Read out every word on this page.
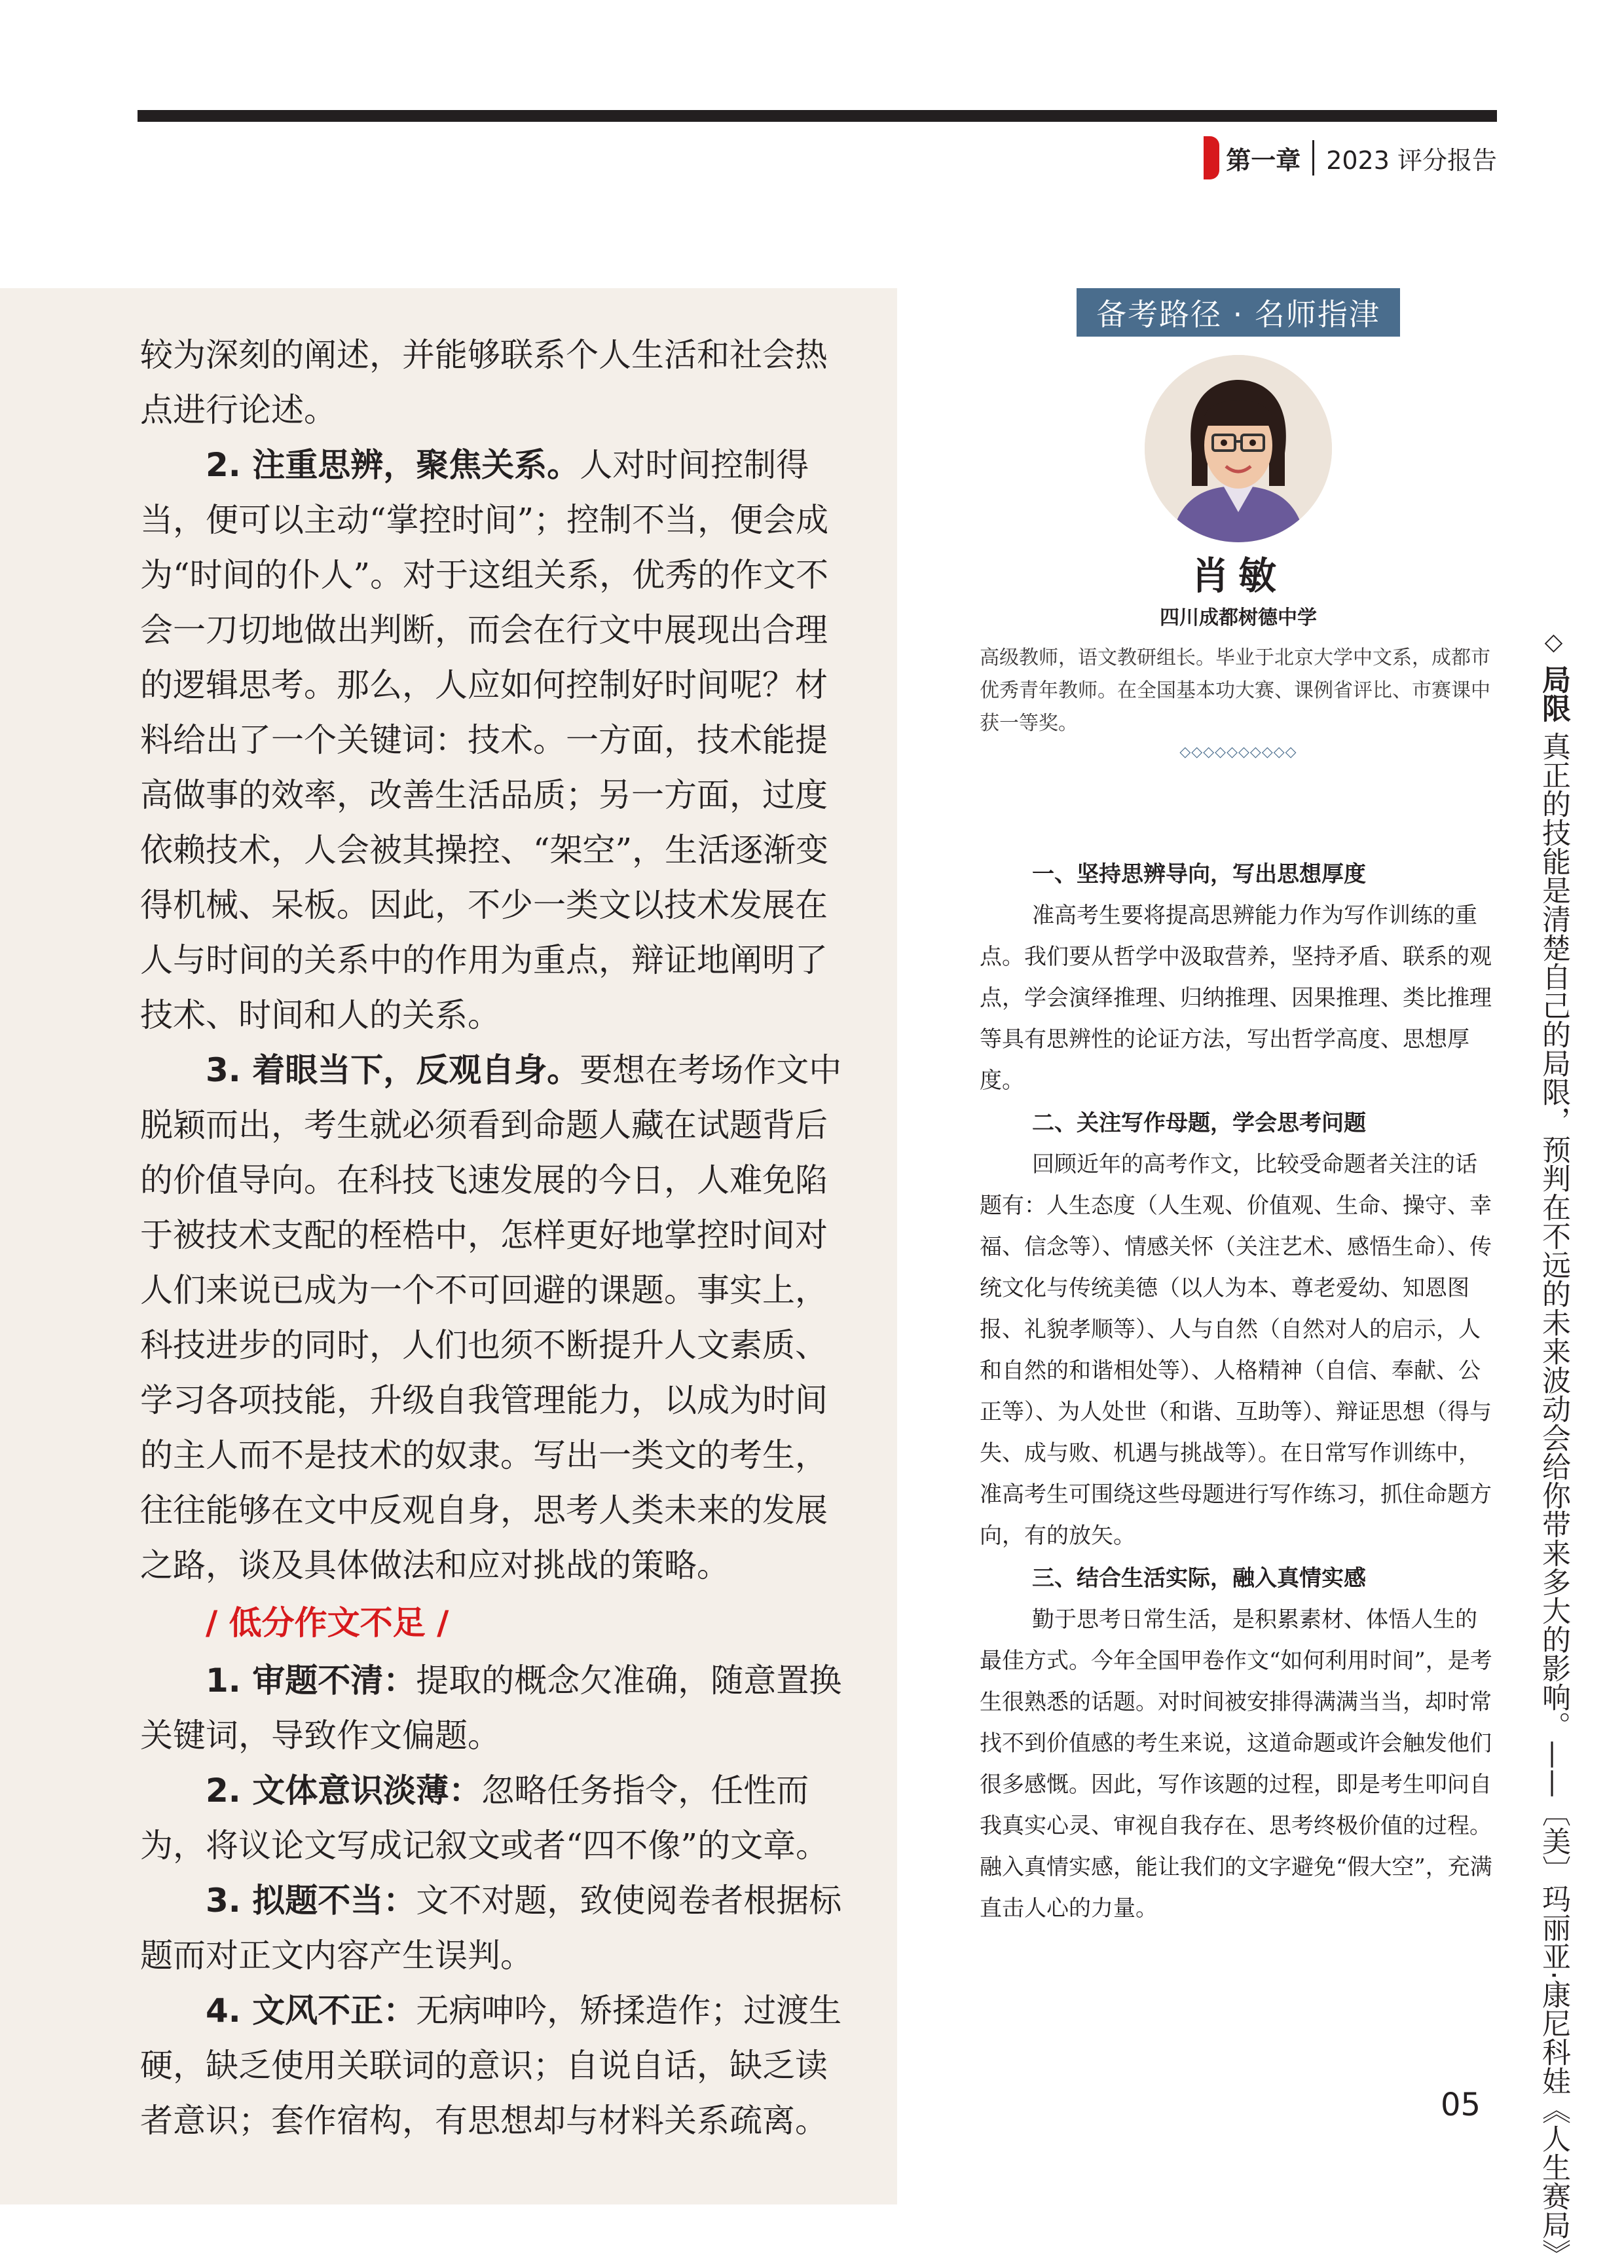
第一章 2023 评分报告

较为深刻的阐述，并能够联系个人生活和社会热点进行论述。

2. 注重思辨，聚焦关系。人对时间控制得当，便可以主动“掌控时间”；控制不当，便会成为“时间的仆人”。对于这组关系，优秀的作文不会一刀切地做出判断，而会在行文中展现出合理的逻辑思考。那么，人应如何控制好时间呢？材料给出了一个关键词：技术。一方面，技术能提高做事的效率，改善生活品质；另一方面，过度依赖技术，人会被其操控、“架空”，生活逐渐变得机械、呆板。因此，不少一类文以技术发展在人与时间的关系中的作用为重点，辩证地阐明了技术、时间和人的关系。

3. 着眼当下，反观自身。要想在考场作文中脱颖而出，考生就必须看到命题人藏在试题背后的价值导向。在科技飞速发展的今日，人难免陷于被技术支配的桎梏中，怎样更好地掌控时间对人们来说已成为一个不可回避的课题。事实上，科技进步的同时，人们也须不断提升人文素质、学习各项技能，升级自我管理能力，以成为时间的主人而不是技术的奴隶。写出一类文的考生，往往能够在文中反观自身，思考人类未来的发展之路，谈及具体做法和应对挑战的策略。

/ 低分作文不足 /

1. 审题不清：提取的概念欠准确，随意置换关键词，导致作文偏题。

2. 文体意识淡薄：忽略任务指令，任性而为，将议论文写成记叙文或者“四不像”的文章。

3. 拟题不当：文不对题，致使阅卷者根据标题而对正文内容产生误判。

4. 文风不正：无病呻吟，矫揉造作；过渡生硬，缺乏使用关联词的意识；自说自话，缺乏读者意识；套作宿构，有思想却与材料关系疏离。

备考路径 · 名师指津
肖敏
四川成都树德中学
高级教师，语文教研组长。毕业于北京大学中文系，成都市优秀青年教师。在全国基本功大赛、课例省评比、市赛课中获一等奖。
◇◇◇◇◇◇◇◇◇◇

一、坚持思辨导向，写出思想厚度

准高考生要将提高思辨能力作为写作训练的重点。我们要从哲学中汲取营养，坚持矛盾、联系的观点，学会演绎推理、归纳推理、因果推理、类比推理等具有思辨性的论证方法，写出哲学高度、思想厚度。

二、关注写作母题，学会思考问题

回顾近年的高考作文，比较受命题者关注的话题有：人生态度（人生观、价值观、生命、操守、幸福、信念等）、情感关怀（关注艺术、感悟生命）、传统文化与传统美德（以人为本、尊老爱幼、知恩图报、礼貌孝顺等）、人与自然（自然对人的启示，人和自然的和谐相处等）、人格精神（自信、奉献、公正等）、为人处世（和谐、互助等）、辩证思想（得与失、成与败、机遇与挑战等）。在日常写作训练中，准高考生可围绕这些母题进行写作练习，抓住命题方向，有的放矢。

三、结合生活实际，融入真情实感

勤于思考日常生活，是积累素材、体悟人生的最佳方式。今年全国甲卷作文“如何利用时间”，是考生很熟悉的话题。对时间被安排得满满当当，却时常找不到价值感的考生来说，这道命题或许会触发他们很多感慨。因此，写作该题的过程，即是考生叩问自我真实心灵、审视自我存在、思考终极价值的过程。融入真情实感，能让我们的文字避免“假大空”，充满直击人心的力量。

◇ 局限 真正的技能是清楚自己的局限，预判在不远的未来波动会给你带来多大的影响。——〔美〕玛丽亚·康尼科娃《人生赛局》
05
